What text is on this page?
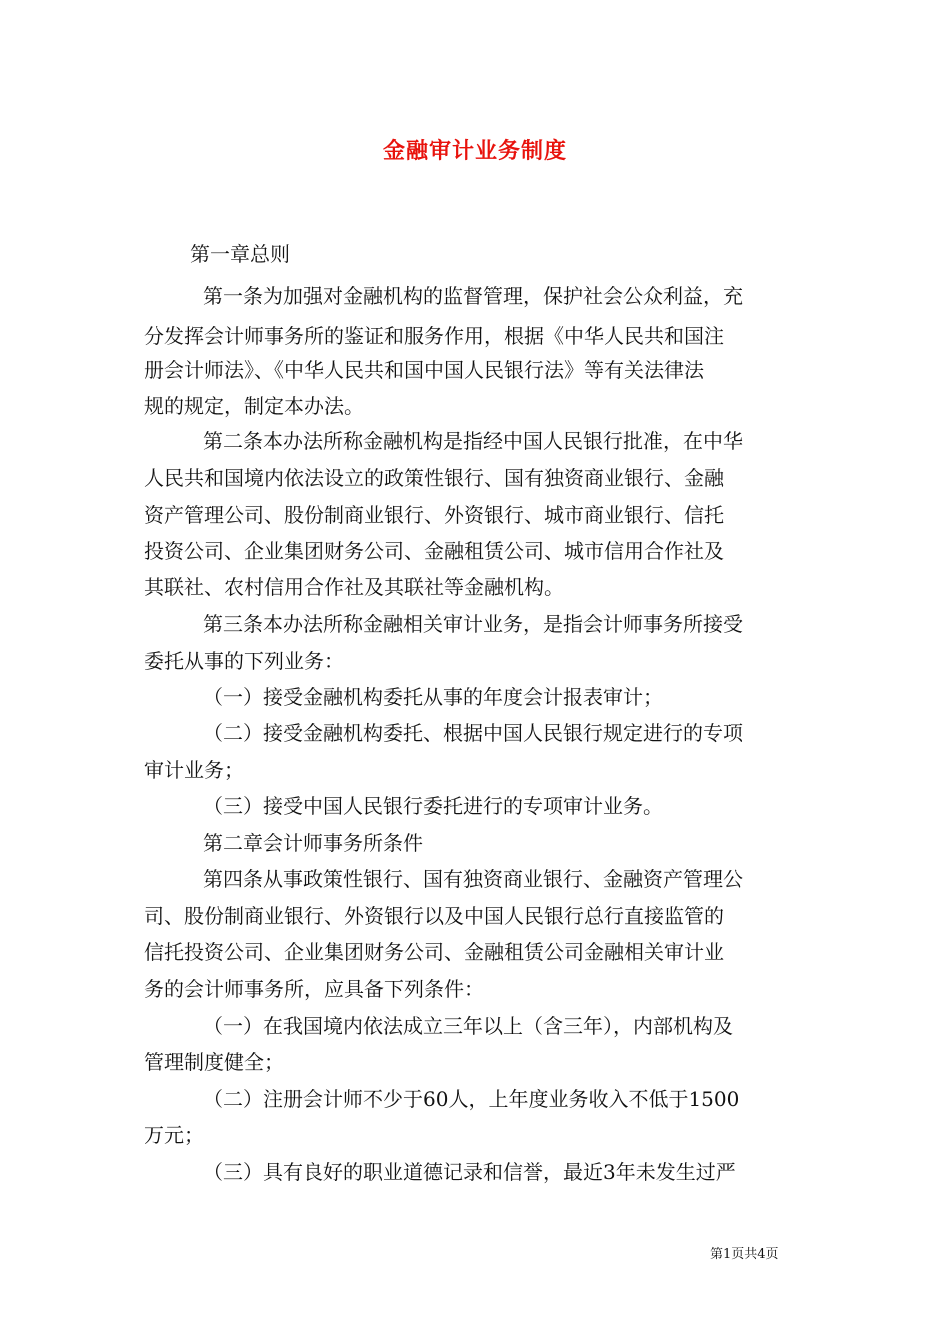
金融审计业务制度
第一章总则
第一条为加强对金融机构的监督管理，保护社会公众利益，充
分发挥会计师事务所的鉴证和服务作用，根据《中华人民共和国注
册会计师法》、《中华人民共和国中国人民银行法》等有关法律法
规的规定，制定本办法。
第二条本办法所称金融机构是指经中国人民银行批准，在中华
人民共和国境内依法设立的政策性银行、国有独资商业银行、金融
资产管理公司、股份制商业银行、外资银行、城市商业银行、信托
投资公司、企业集团财务公司、金融租赁公司、城市信用合作社及
其联社、农村信用合作社及其联社等金融机构。
第三条本办法所称金融相关审计业务，是指会计师事务所接受
委托从事的下列业务：
（一）接受金融机构委托从事的年度会计报表审计；
（二）接受金融机构委托、根据中国人民银行规定进行的专项
审计业务；
（三）接受中国人民银行委托进行的专项审计业务。
第二章会计师事务所条件
第四条从事政策性银行、国有独资商业银行、金融资产管理公
司、股份制商业银行、外资银行以及中国人民银行总行直接监管的
信托投资公司、企业集团财务公司、金融租赁公司金融相关审计业
务的会计师事务所，应具备下列条件：
（一）在我国境内依法成立三年以上（含三年），内部机构及
管理制度健全；
（二）注册会计师不少于60人，上年度业务收入不低于1500
万元；
（三）具有良好的职业道德记录和信誉，最近3年未发生过严
第1页共4页
